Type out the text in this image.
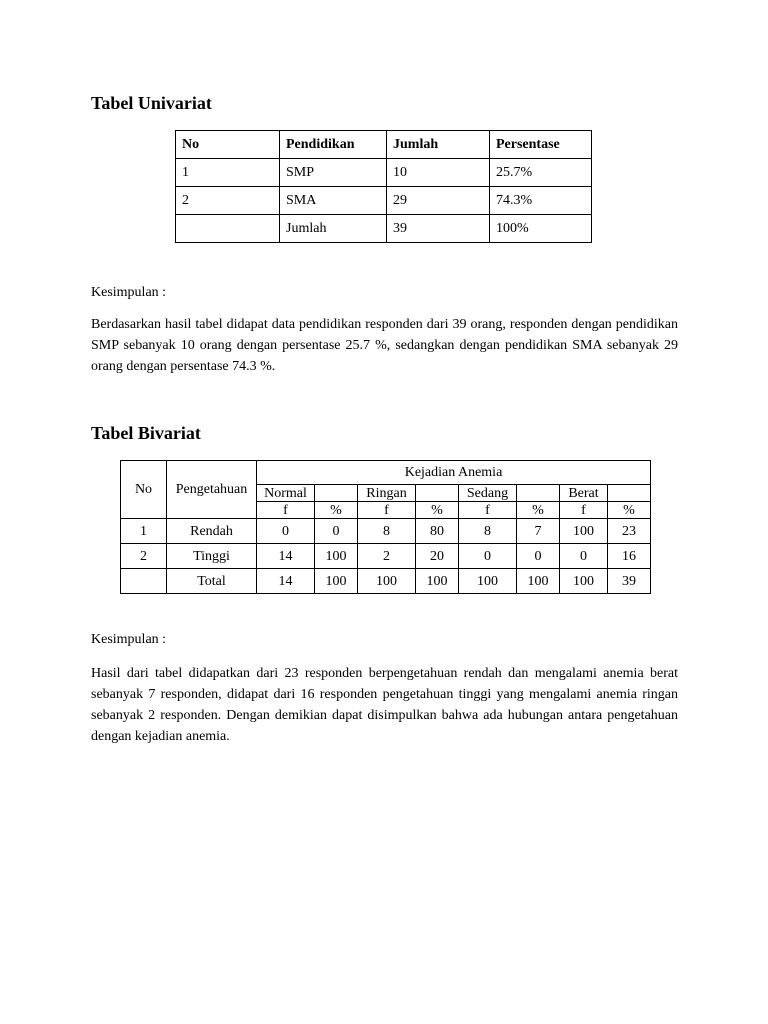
Tabel Univariat
No	Pendidikan	Jumlah	Persentase
1	SMP	10	25.7%
2	SMA	29	74.3%
	Jumlah	39	100%

Kesimpulan :

Berdasarkan hasil tabel didapat data pendidikan responden dari 39 orang, responden dengan pendidikan SMP sebanyak 10 orang dengan persentase 25.7 %, sedangkan dengan pendidikan SMA sebanyak 29 orang dengan persentase 74.3 %.

Tabel Bivariat
No	Pengetahuan	Kejadian Anemia							
		Normal		Ringan		Sedang		Berat	
		f	%	f	%	f	%	f	%
1	Rendah	0	0	8	80	8	7	100	23
2	Tinggi	14	100	2	20	0	0	0	16
	Total	14	100	100	100	100	100	100	39

Kesimpulan :

Hasil dari tabel didapatkan dari 23 responden berpengetahuan rendah dan mengalami anemia berat sebanyak 7 responden, didapat dari 16 responden pengetahuan tinggi yang mengalami anemia ringan sebanyak 2 responden. Dengan demikian dapat disimpulkan bahwa ada hubungan antara pengetahuan dengan kejadian anemia.
